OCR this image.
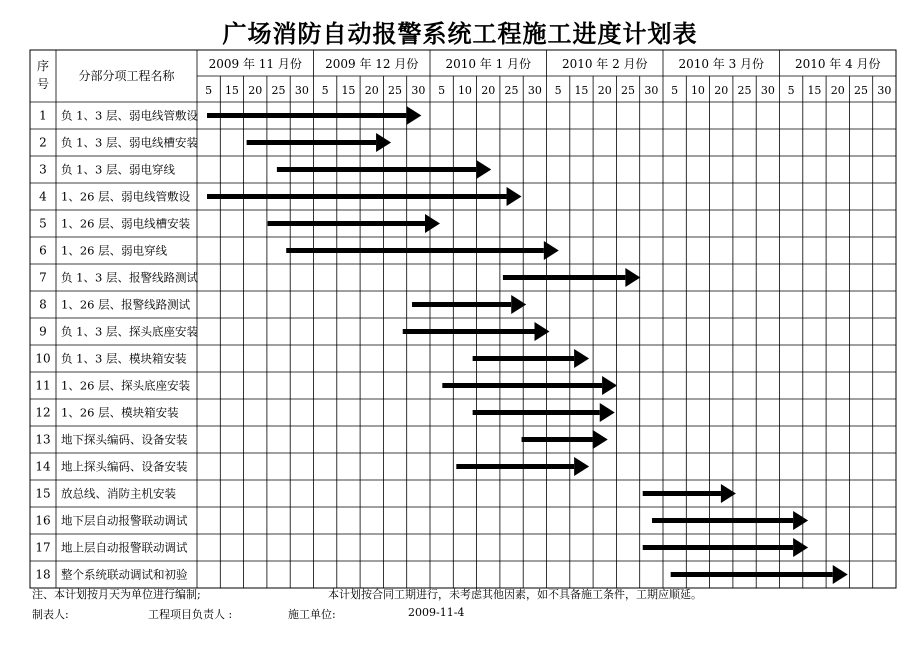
广场消防自动报警系统工程施工进度计划表
序
号
分部分项工程名称
2009 年 11 月份 2009 年 12 月份 2010 年 1 月份	2010 年 2 月份	2010 年 3 月份	2010 年 4 月份
5 15 20 25 30 5 15 20 25 30 5 10 20 25 30 5 15 20 25 30 5 10 20 25 30 5 15 20 25 30
1 负 1、3 层、弱电线管敷设
2 负 1、3 层、弱电线槽安装
3 负 1、3 层、弱电穿线
4 1、26 层、弱电线管敷设
5 1、26 层、弱电线槽安装
6 1、26 层、弱电穿线
7 负 1、3 层、报警线路测试
8 1、26 层、报警线路测试
9 负 1、3 层、探头底座安装
10 负 1、3 层、模块箱安装
11 1、26 层、探头底座安装
12 1、26 层、模块箱安装
13 地下探头编码、设备安装
14 地上探头编码、设备安装
15 放总线、消防主机安装
16 地下层自动报警联动调试
17 地上层自动报警联动调试
18 整个系统联动调试和初验
注、本计划按月天为单位进行编制;	本计划按合同工期进行，未考虑其他因素，如不具备施工条件，工期应顺延。
制表人:	工程项目负责人 :	施工单位:	2009-11-4
